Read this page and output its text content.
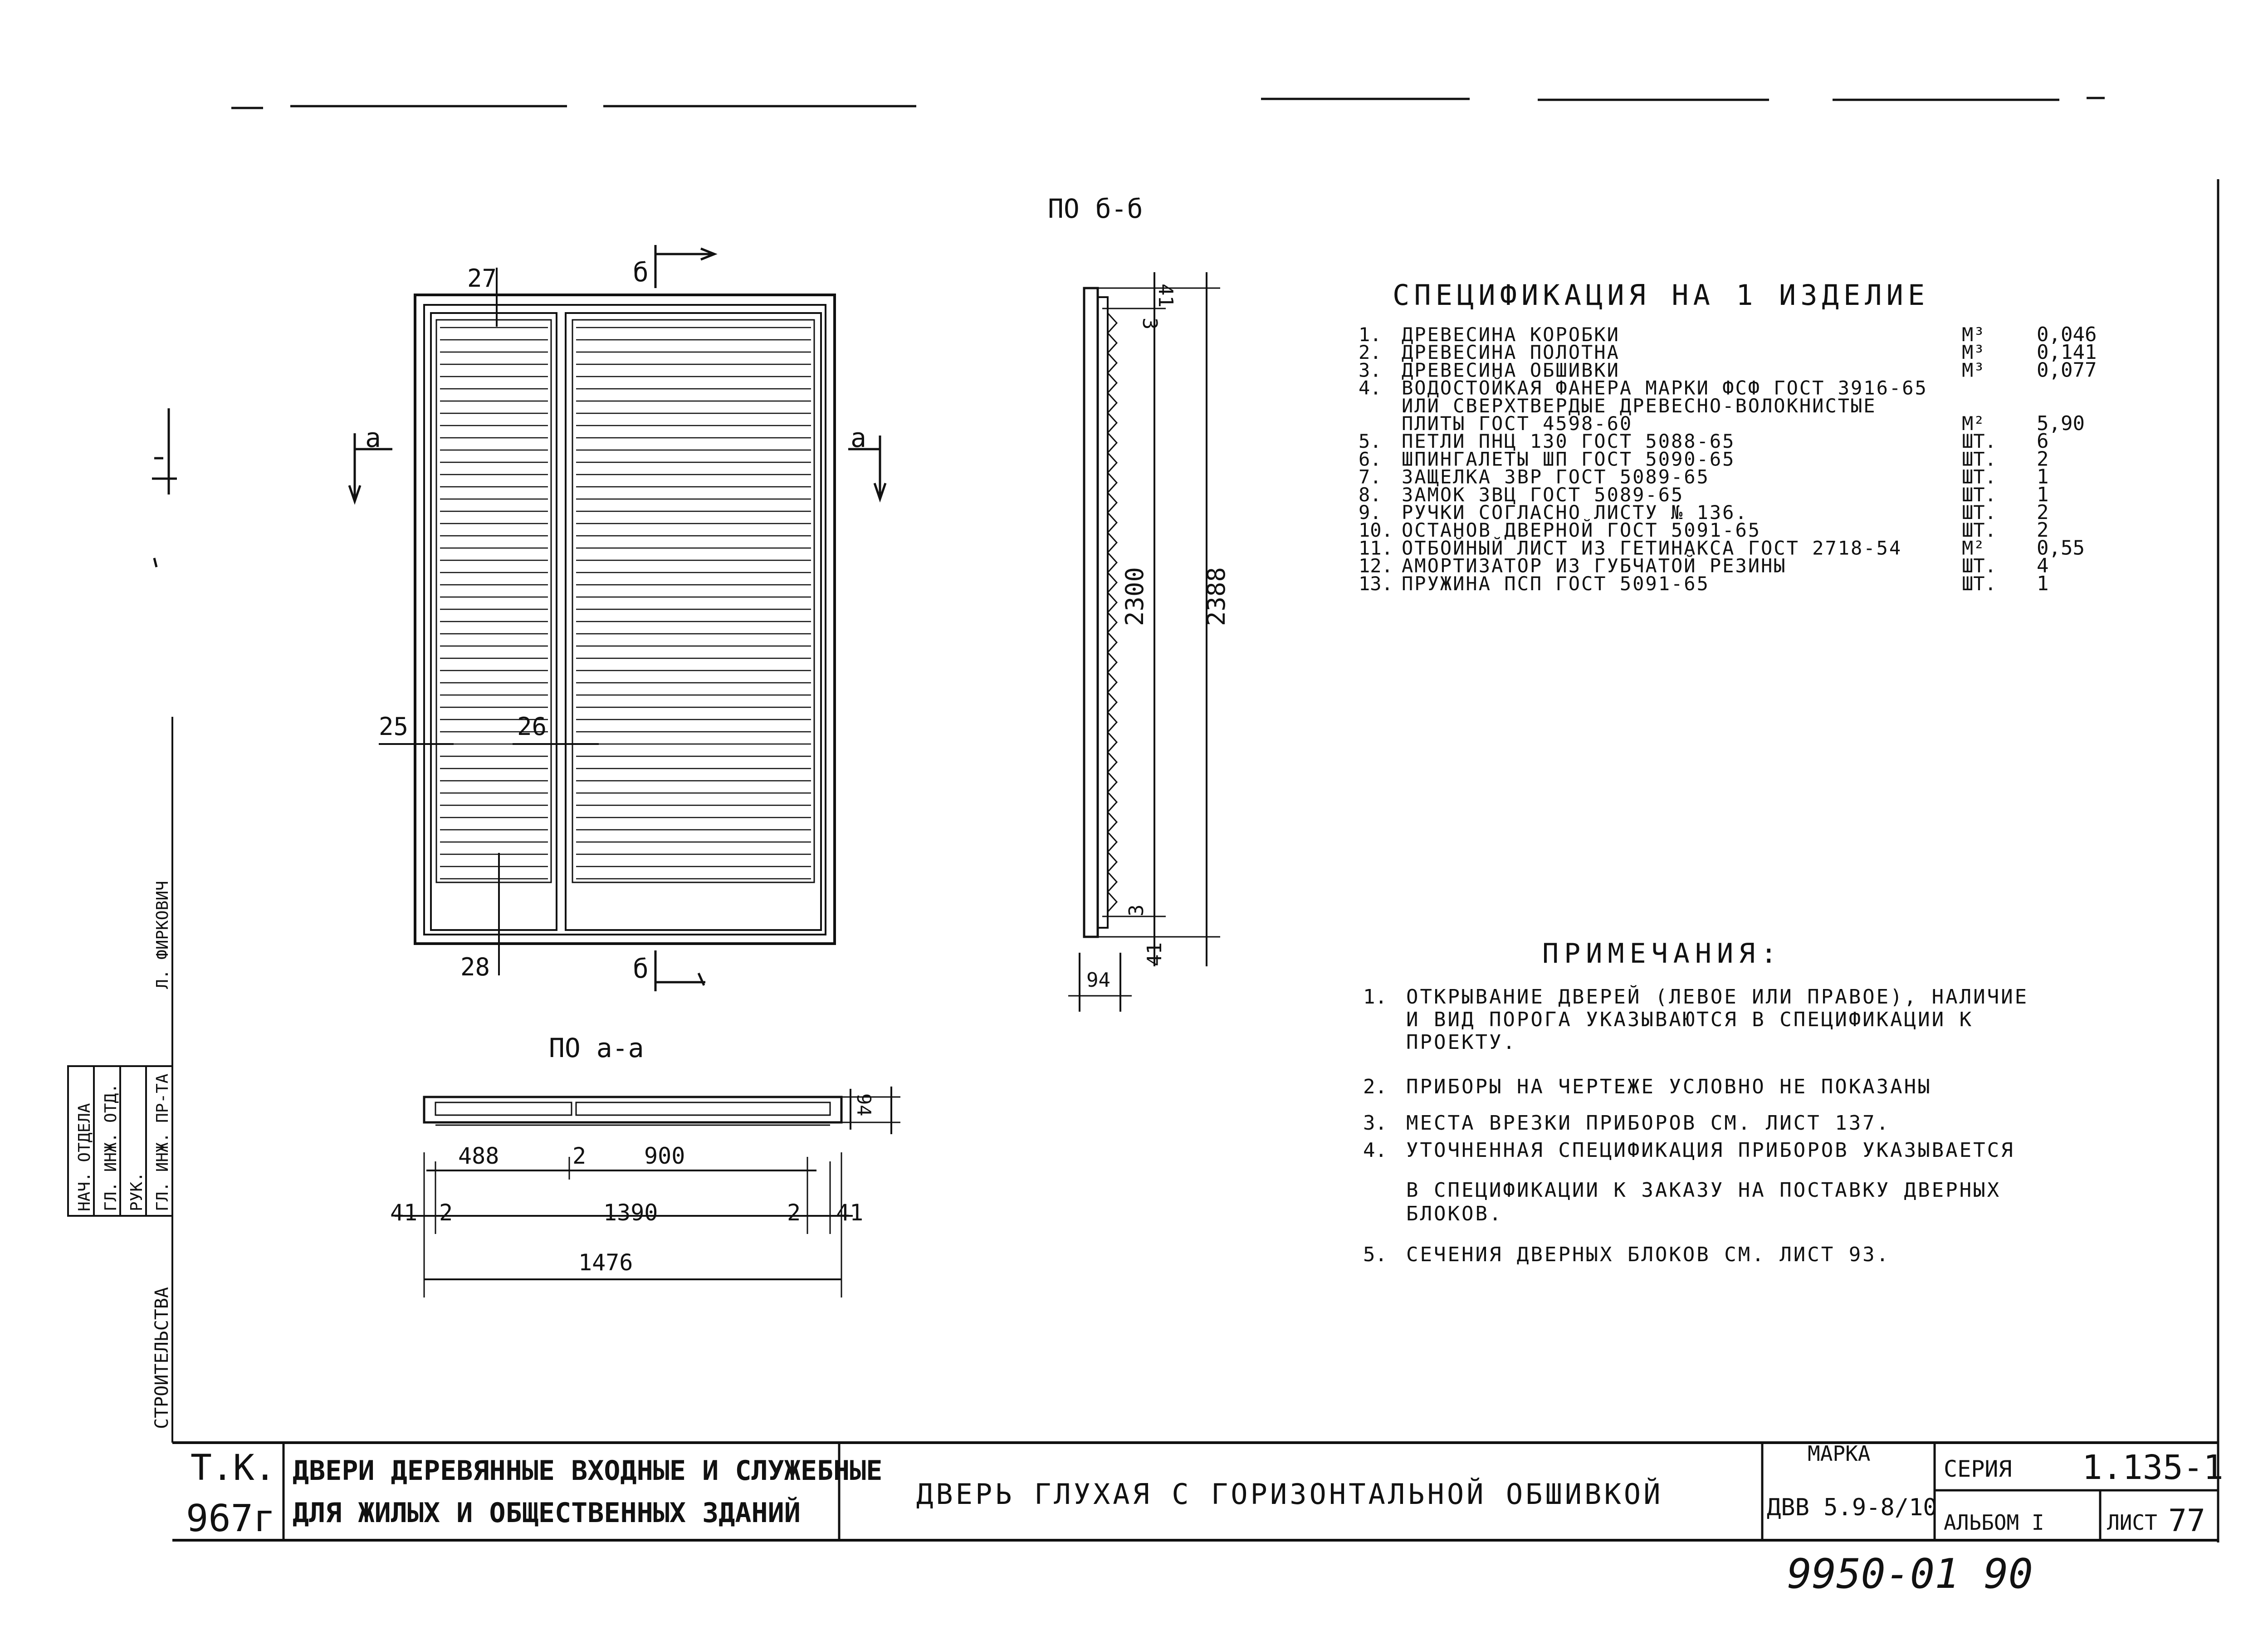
б
б
а	а
27
25	26
28
ПО б-б
41
3
2300 2388
3
41
94
ПО а-а
94
488	2	900
41 2	1390	2 41
1476
СПЕЦИФИКАЦИЯ НА 1 ИЗДЕЛИЕ
1. ДРЕВЕСИНА КОРОБКИ	М³	0,046
2. ДРЕВЕСИНА ПОЛОТНА	М³	0,141
3. ДРЕВЕСИНА ОБШИВКИ	М³	0,077
4. ВОДОСТОЙКАЯ ФАНЕРА МАРКИ ФСФ ГОСТ 3916-65
ИЛИ СВЕРХТВЕРДЫЕ ДРЕВЕСНО-ВОЛОКНИСТЫЕ
ПЛИТЫ ГОСТ 4598-60	М²	5,90
5. ПЕТЛИ ПНЦ 130 ГОСТ 5088-65	ШТ. 6
6. ШПИНГАЛЕТЫ ШП ГОСТ 5090-65	ШТ. 2
7. ЗАЩЕЛКА ЗВР ГОСТ 5089-65	ШТ. 1
8. ЗАМОК ЗВЦ ГОСТ 5089-65	ШТ. 1
9. РУЧКИ СОГЛАСНО ЛИСТУ № 136.	ШТ. 2
10. ОСТАНОВ ДВЕРНОЙ ГОСТ 5091-65	ШТ. 2
11. ОТБОЙНЫЙ ЛИСТ ИЗ ГЕТИНАКСА ГОСТ 2718-54	М²	0,55
12. АМОРТИЗАТОР ИЗ ГУБЧАТОЙ РЕЗИНЫ	ШТ. 4
13. ПРУЖИНА ПСП ГОСТ 5091-65	ШТ. 1
ПРИМЕЧАНИЯ:
1. ОТКРЫВАНИЕ ДВЕРЕЙ (ЛЕВОЕ ИЛИ ПРАВОЕ), НАЛИЧИЕ
И ВИД ПОРОГА УКАЗЫВАЮТСЯ В СПЕЦИФИКАЦИИ К
ПРОЕКТУ.
2. ПРИБОРЫ НА ЧЕРТЕЖЕ УСЛОВНО НЕ ПОКАЗАНЫ
3. МЕСТА ВРЕЗКИ ПРИБОРОВ СМ. ЛИСТ 137.
4. УТОЧНЕННАЯ СПЕЦИФИКАЦИЯ ПРИБОРОВ УКАЗЫВАЕТСЯ
В СПЕЦИФИКАЦИИ К ЗАКАЗУ НА ПОСТАВКУ ДВЕРНЫХ
БЛОКОВ.
5. СЕЧЕНИЯ ДВЕРНЫХ БЛОКОВ СМ. ЛИСТ 93.
НАЧ. ОТДЕЛА ГЛ. ИНЖ. ОТД. РУК. ГЛ. ИНЖ. ПР-ТА
Л. ФИРКОВИЧ
СТРОИТЕЛЬСТВА
Т.К.
967г
ДВЕРИ ДЕРЕВЯННЫЕ ВХОДНЫЕ И СЛУЖЕБНЫЕ
ДЛЯ ЖИЛЫХ И ОБЩЕСТВЕННЫХ ЗДАНИЙ
ДВЕРЬ ГЛУХАЯ С ГОРИЗОНТАЛЬНОЙ ОБШИВКОЙ
МАРКА
ДВВ 5.9-8/10
СЕРИЯ 1.135-1
АЛЬБОМ I	ЛИСТ 77
9950-01 90
